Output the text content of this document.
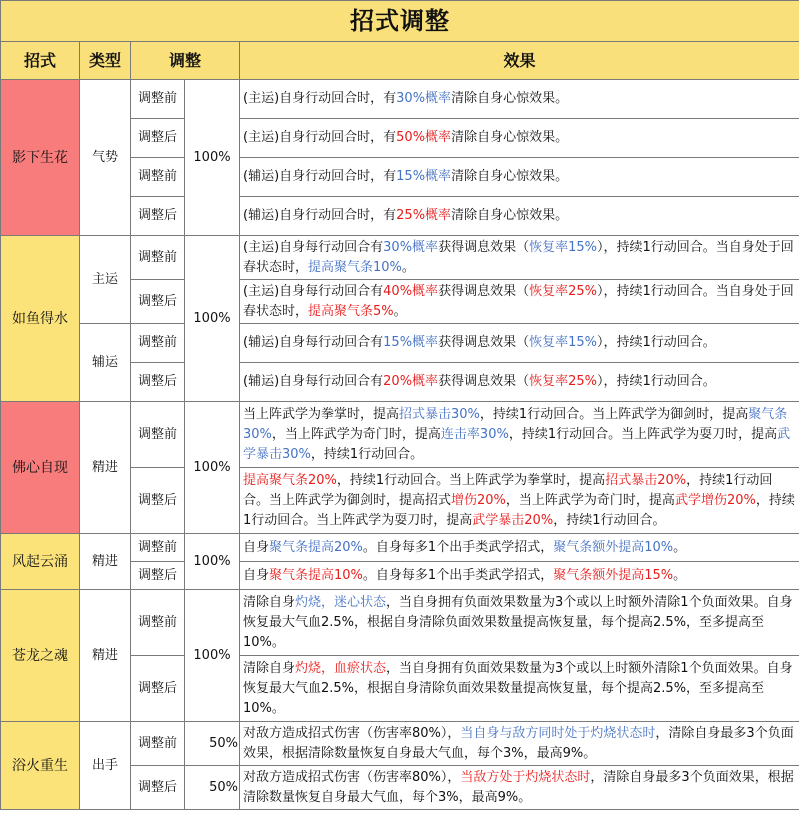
招式调整				
招式	类型	调整		效果
影下生花	气势	调整前	100%	(主运)自身行动回合时，有30%概率清除自身心惊效果。
		调整后		(主运)自身行动回合时，有50%概率清除自身心惊效果。
		调整前		(辅运)自身行动回合时，有15%概率清除自身心惊效果。
		调整后		(辅运)自身行动回合时，有25%概率清除自身心惊效果。
如鱼得水	主运	调整前	100%	(主运)自身每行动回合有30%概率获得调息效果（恢复率15%），持续1行动回合。当自身处于回春状态时，提高聚气条10%。
		调整后		(主运)自身每行动回合有40%概率获得调息效果（恢复率25%），持续1行动回合。当自身处于回春状态时，提高聚气条5%。
	辅运	调整前		(辅运)自身每行动回合有15%概率获得调息效果（恢复率15%），持续1行动回合。
		调整后		(辅运)自身每行动回合有20%概率获得调息效果（恢复率25%），持续1行动回合。
佛心自现	精进	调整前	100%	当上阵武学为拳掌时，提高招式暴击30%，持续1行动回合。当上阵武学为御剑时，提高聚气条30%，当上阵武学为奇门时，提高连击率30%，持续1行动回合。当上阵武学为耍刀时，提高武学暴击30%，持续1行动回合。
		调整后		提高聚气条20%，持续1行动回合。当上阵武学为拳掌时，提高招式暴击20%，持续1行动回合。当上阵武学为御剑时，提高招式增伤20%，当上阵武学为奇门时，提高武学增伤20%，持续1行动回合。当上阵武学为耍刀时，提高武学暴击20%，持续1行动回合。
风起云涌	精进	调整前	100%	自身聚气条提高20%。自身每多1个出手类武学招式，聚气条额外提高10%。
		调整后		自身聚气条提高10%。自身每多1个出手类武学招式，聚气条额外提高15%。
苍龙之魂	精进	调整前	100%	清除自身灼烧，迷心状态，当自身拥有负面效果数量为3个或以上时额外清除1个负面效果。自身恢复最大气血2.5%，根据自身清除负面效果数量提高恢复量，每个提高2.5%，至多提高至10%。
		调整后		清除自身灼烧，血瘀状态，当自身拥有负面效果数量为3个或以上时额外清除1个负面效果。自身恢复最大气血2.5%，根据自身清除负面效果数量提高恢复量，每个提高2.5%，至多提高至10%。
浴火重生	出手	调整前	50%	对敌方造成招式伤害（伤害率80%），当自身与敌方同时处于灼烧状态时，清除自身最多3个负面效果，根据清除数量恢复自身最大气血，每个3%，最高9%。
		调整后	50%	对敌方造成招式伤害（伤害率80%），当敌方处于灼烧状态时，清除自身最多3个负面效果，根据清除数量恢复自身最大气血，每个3%，最高9%。
